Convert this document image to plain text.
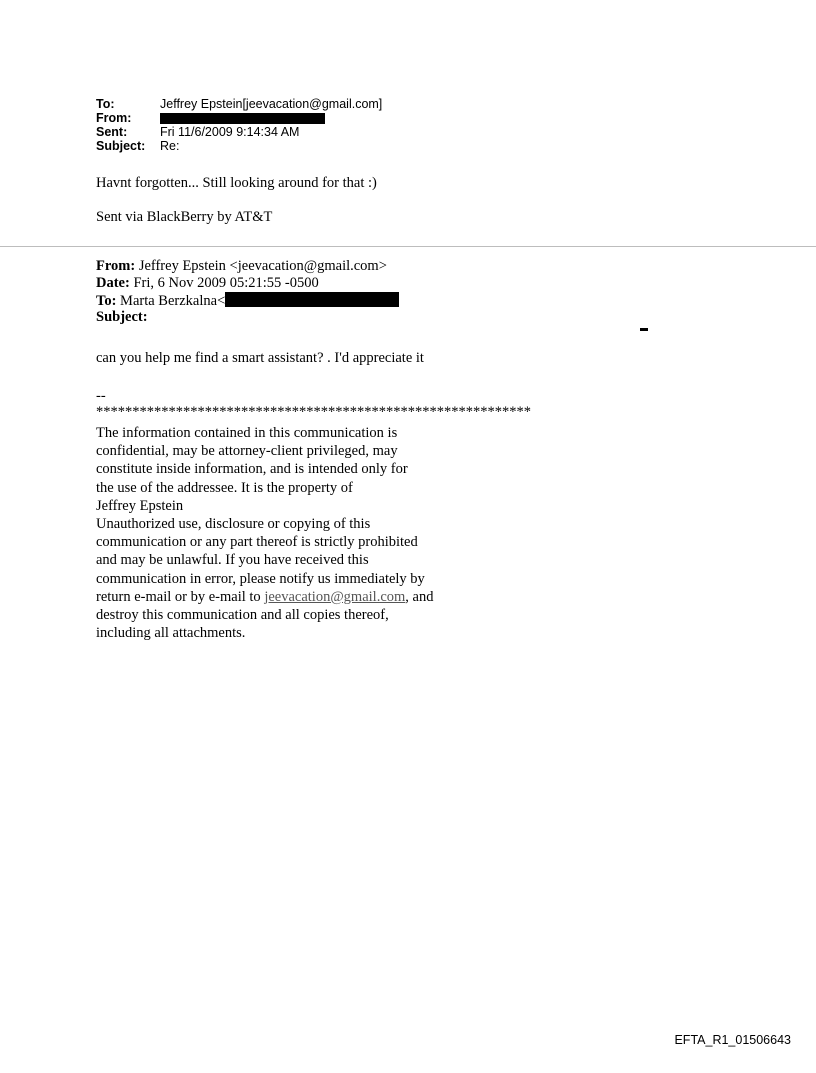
To:	Jeffrey Epstein[jeevacation@gmail.com]
From:
Sent:	Fri 11/6/2009 9:14:34 AM
Subject:	Re:
Havnt forgotten... Still looking around for that :)
Sent via BlackBerry by AT&T
From: Jeffrey Epstein <jeevacation@gmail.com>
Date: Fri, 6 Nov 2009 05:21:55 -0500
To: Marta Berzkalna<
Subject:
can you help me find a smart assistant? . I'd appreciate it
--
************************************************************
The information contained in this communication is
confidential, may be attorney-client privileged, may
constitute inside information, and is intended only for
the use of the addressee. It is the property of
Jeffrey Epstein
Unauthorized use, disclosure or copying of this
communication or any part thereof is strictly prohibited
and may be unlawful. If you have received this
communication in error, please notify us immediately by
return e-mail or by e-mail to jeevacation@gmail.com, and
destroy this communication and all copies thereof,
including all attachments.
EFTA_R1_01506643
